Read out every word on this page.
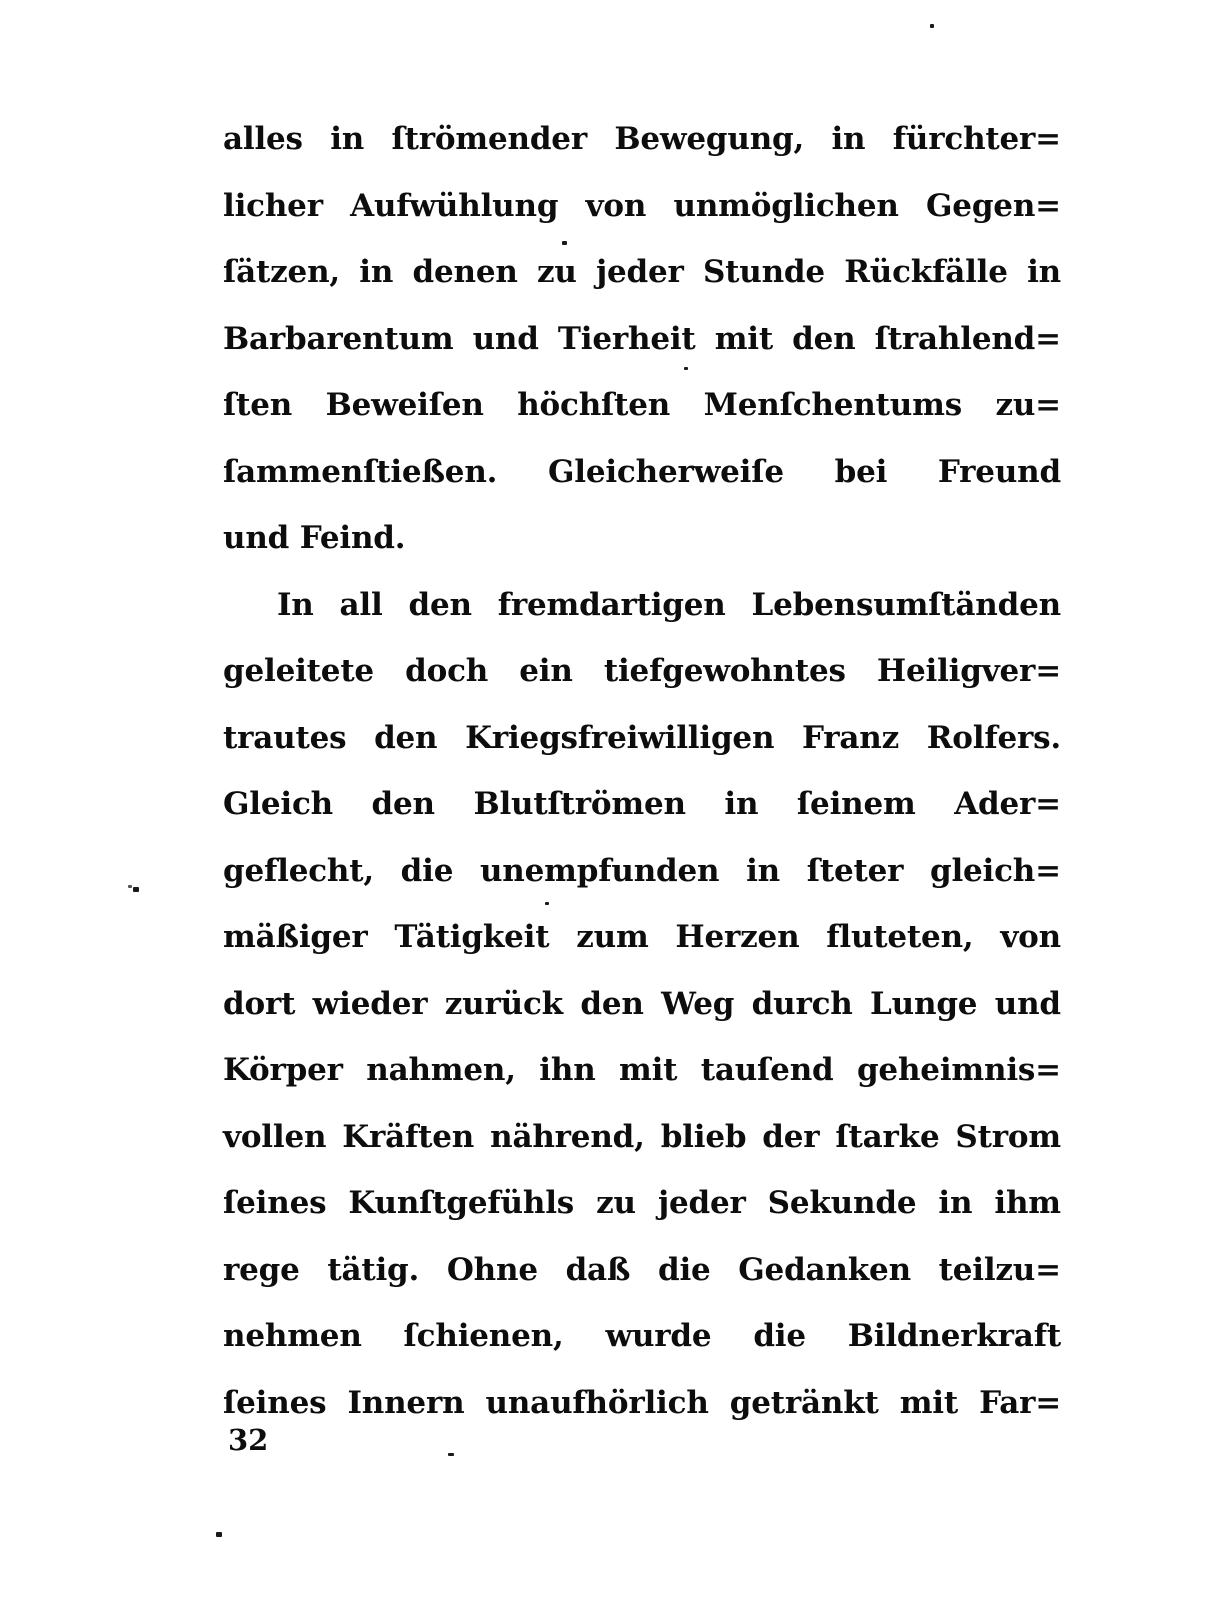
alles in ſtrömender Bewegung, in fürchter=
licher Aufwühlung von unmöglichen Gegen=
ſätzen, in denen zu jeder Stunde Rückfälle in
Barbarentum und Tierheit mit den ſtrahlend=
ſten Beweiſen höchſten Menſchentums zu=
ſammenſtießen. Gleicherweiſe bei Freund
und Feind.
In all den fremdartigen Lebensumſtänden
geleitete doch ein tiefgewohntes Heiligver=
trautes den Kriegsfreiwilligen Franz Rolfers.
Gleich den Blutſtrömen in ſeinem Ader=
geflecht, die unempfunden in ſteter gleich=
mäßiger Tätigkeit zum Herzen fluteten, von
dort wieder zurück den Weg durch Lunge und
Körper nahmen, ihn mit tauſend geheimnis=
vollen Kräften nährend, blieb der ſtarke Strom
ſeines Kunſtgefühls zu jeder Sekunde in ihm
rege tätig. Ohne daß die Gedanken teilzu=
nehmen ſchienen, wurde die Bildnerkraft
ſeines Innern unaufhörlich getränkt mit Far=
32
